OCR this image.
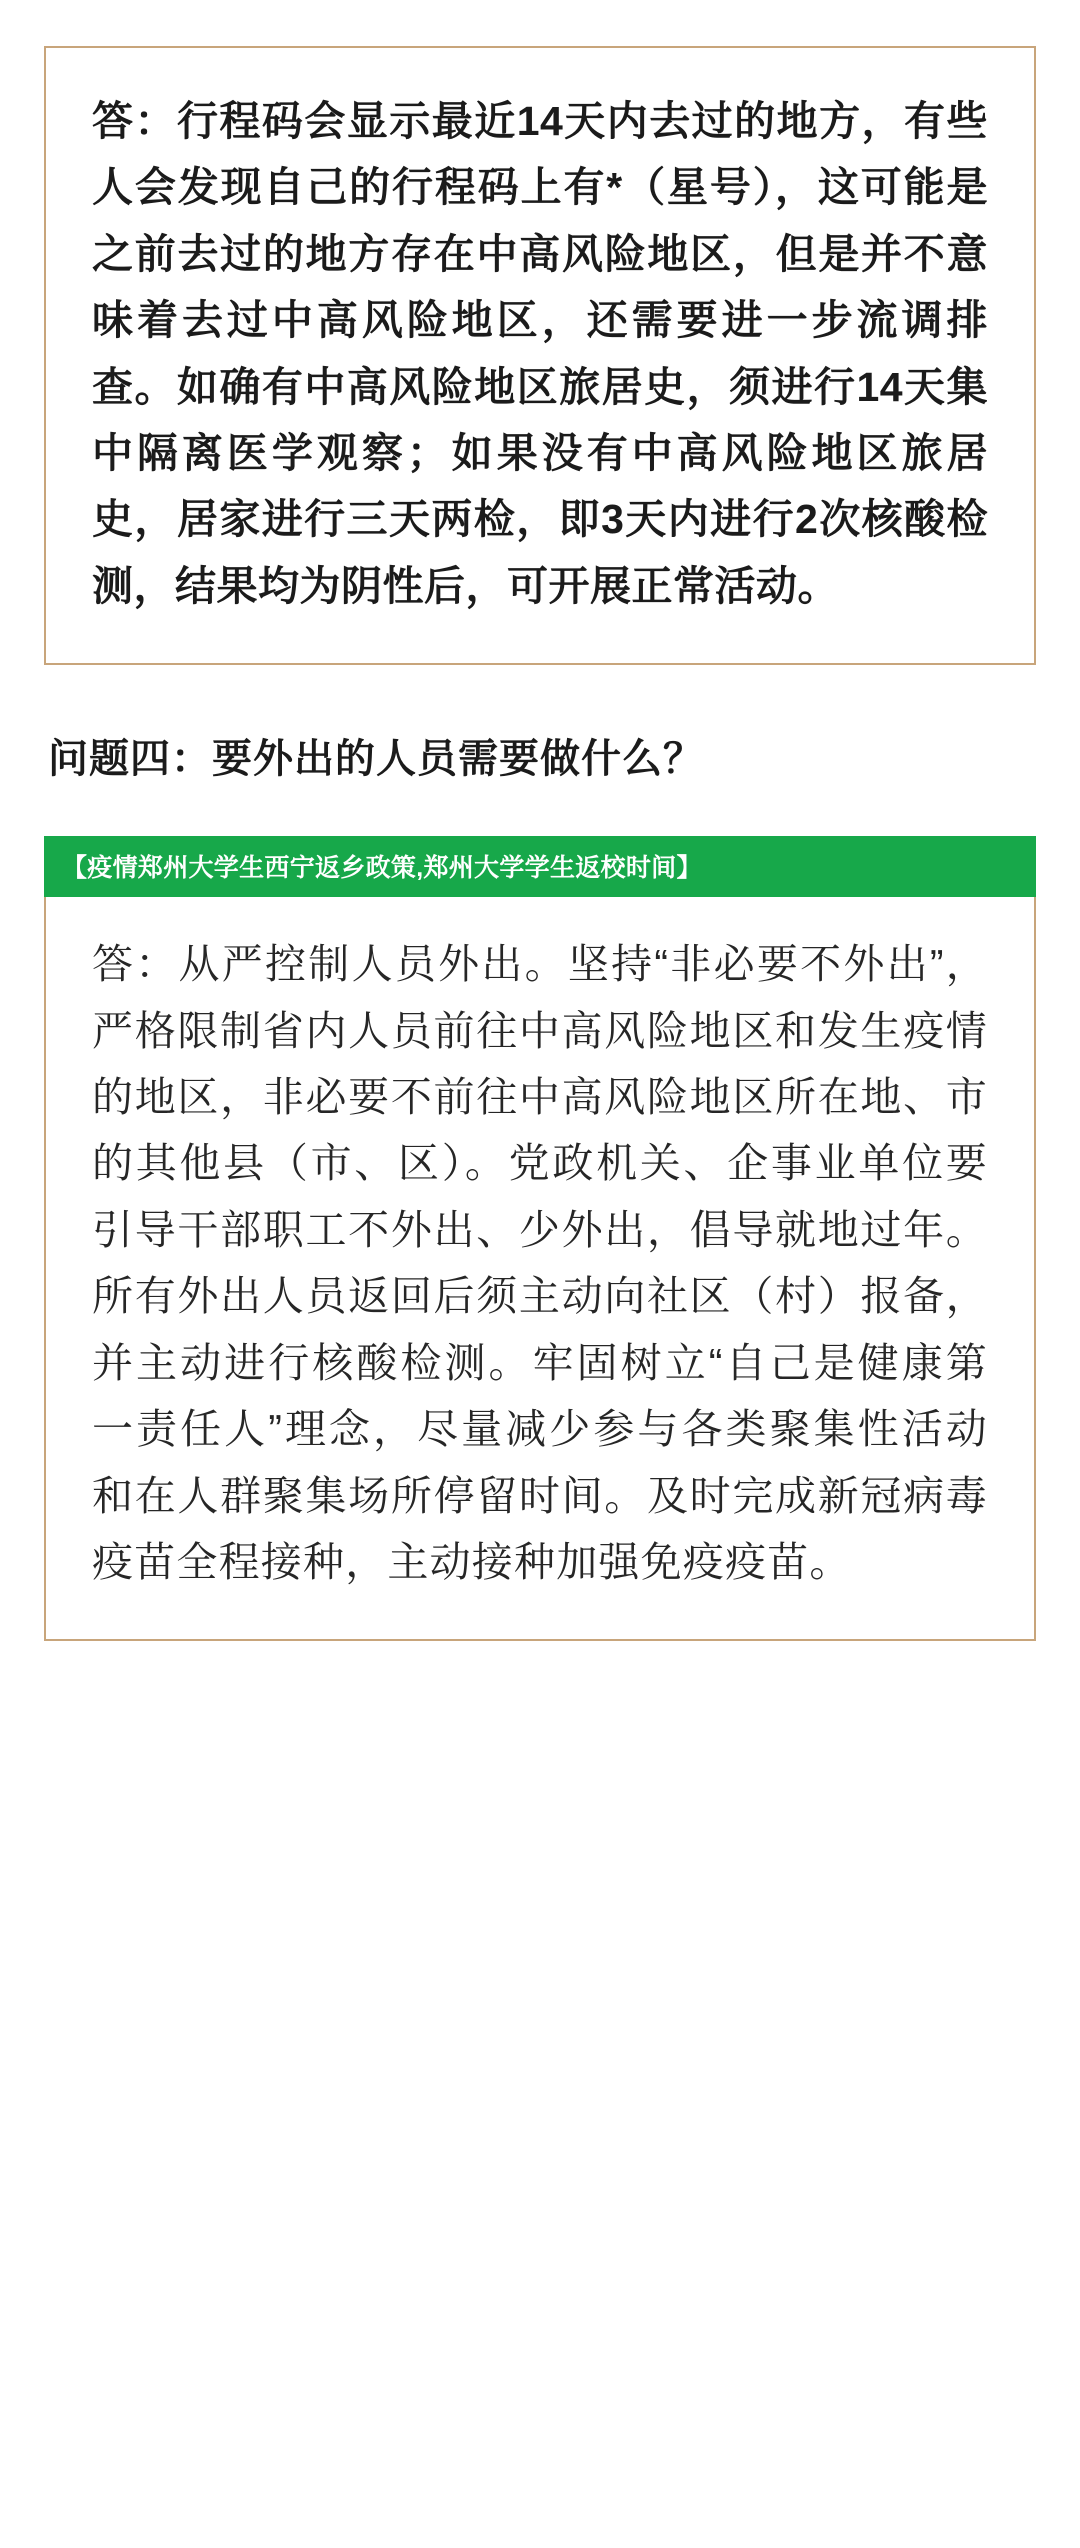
答：行程码会显示最近14天内去过的地方，有些人会发现自己的行程码上有*（星号），这可能是之前去过的地方存在中高风险地区，但是并不意味着去过中高风险地区，还需要进一步流调排查。如确有中高风险地区旅居史，须进行14天集中隔离医学观察；如果没有中高风险地区旅居史，居家进行三天两检，即3天内进行2次核酸检测，结果均为阴性后，可开展正常活动。

问题四：要外出的人员需要做什么？
【疫情郑州大学生西宁返乡政策,郑州大学学生返校时间】

答：从严控制人员外出。坚持“非必要不外出”，严格限制省内人员前往中高风险地区和发生疫情的地区，非必要不前往中高风险地区所在地、市的其他县（市、区）。党政机关、企事业单位要引导干部职工不外出、少外出，倡导就地过年。所有外出人员返回后须主动向社区（村）报备，并主动进行核酸检测。牢固树立“自己是健康第一责任人”理念，尽量减少参与各类聚集性活动和在人群聚集场所停留时间。及时完成新冠病毒疫苗全程接种，主动接种加强免疫疫苗。
